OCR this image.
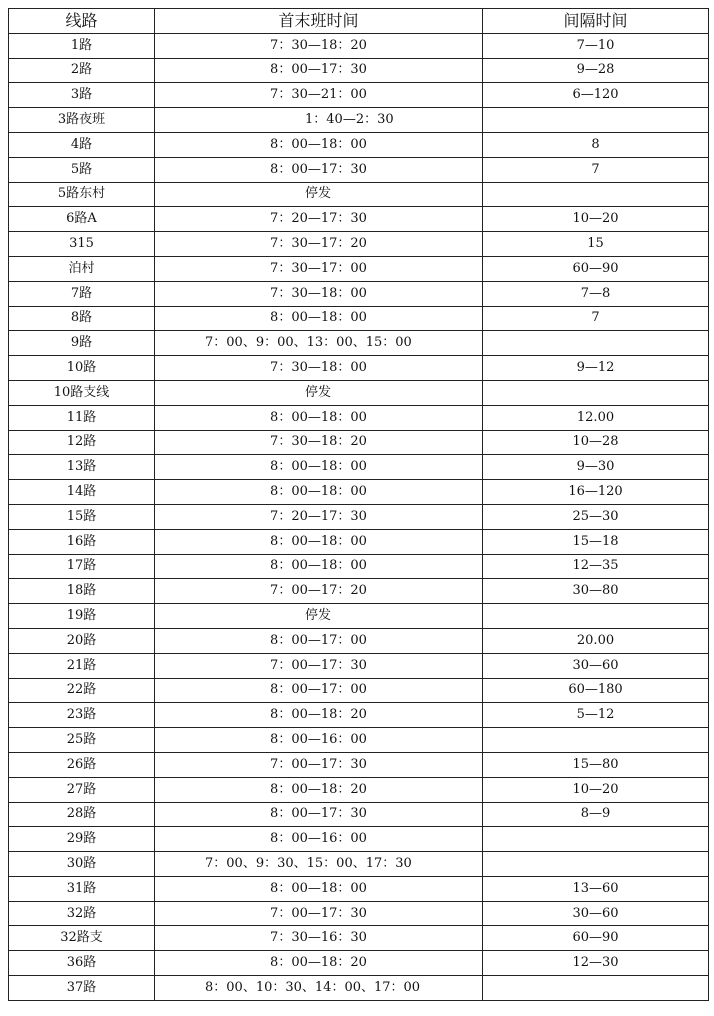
线路	首末班时间	间隔时间
1路	7：30—18：20	7—10
2路	8：00—17：30	9—28
3路	7：30—21：00	6—120
3路夜班	1：40—2：30	
4路	8：00—18：00	8
5路	8：00—17：30	7
5路东村	停发	
6路A	7：20—17：30	10—20
315	7：30—17：20	15
泊村	7：30—17：00	60—90
7路	7：30—18：00	7—8
8路	8：00—18：00	7
9路	7：00、9：00、13：00、15：00	
10路	7：30—18：00	9—12
10路支线	停发	
11路	8：00—18：00	12.00
12路	7：30—18：20	10—28
13路	8：00—18：00	9—30
14路	8：00—18：00	16—120
15路	7：20—17：30	25—30
16路	8：00—18：00	15—18
17路	8：00—18：00	12—35
18路	7：00—17：20	30—80
19路	停发	
20路	8：00—17：00	20.00
21路	7：00—17：30	30—60
22路	8：00—17：00	60—180
23路	8：00—18：20	5—12
25路	8：00—16：00	
26路	7：00—17：30	15—80
27路	8：00—18：20	10—20
28路	8：00—17：30	8—9
29路	8：00—16：00	
30路	7：00、9：30、15：00、17：30	
31路	8：00—18：00	13—60
32路	7：00—17：30	30—60
32路支	7：30—16：30	60—90
36路	8：00—18：20	12—30
37路	8：00、10：30、14：00、17：00	
